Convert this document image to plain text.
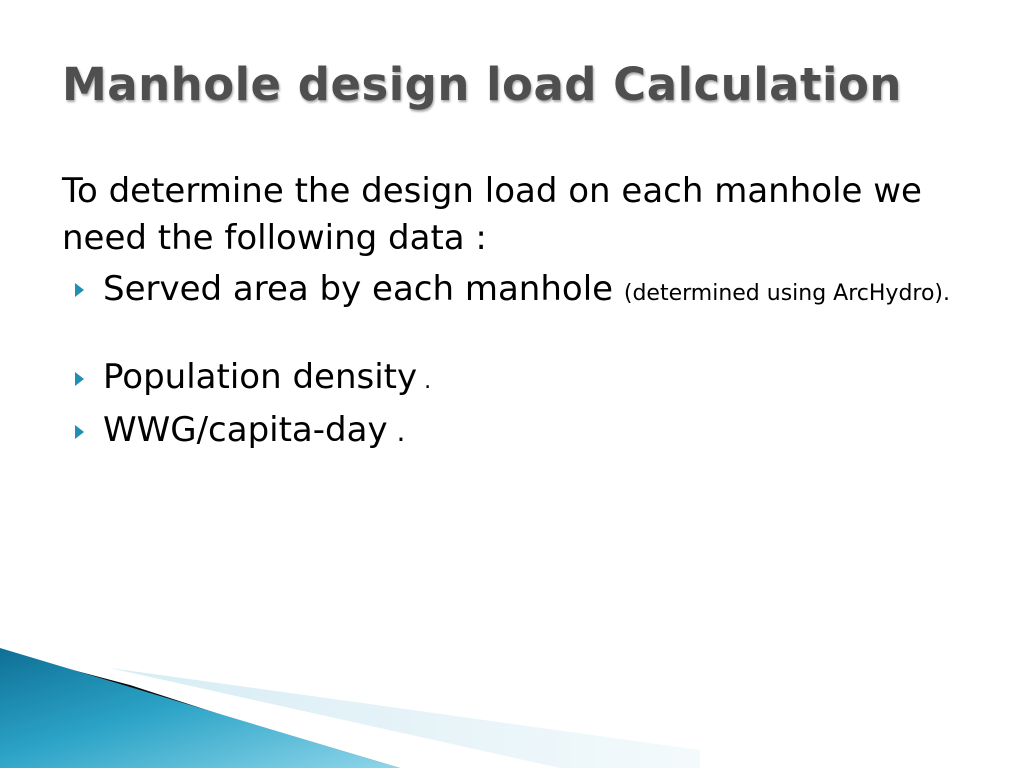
Manhole design load Calculation
To determine the design load on each manhole we need the following data :
Served area by each manhole (determined using ArcHydro).
Population density .
WWG/capita-day .
